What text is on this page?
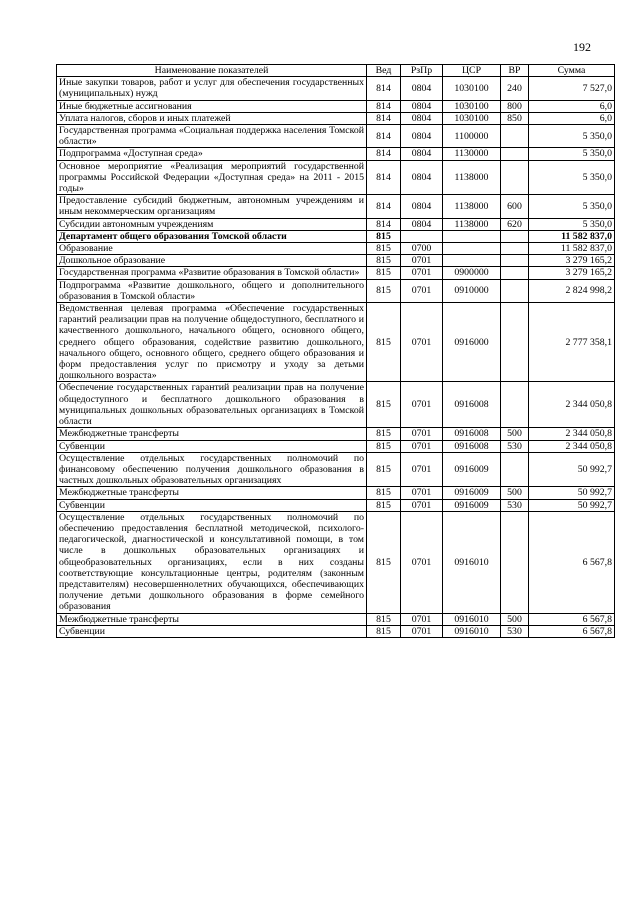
192
Наименование показателей	Вед	РзПр	ЦСР	ВР	Сумма
Иные закупки товаров, работ и услуг для обеспечения государственных (муниципальных) нужд	814	0804	1030100	240	7 527,0
Иные бюджетные ассигнования	814	0804	1030100	800	6,0
Уплата налогов, сборов и иных платежей	814	0804	1030100	850	6,0
Государственная программа «Социальная поддержка населения Томской области»	814	0804	1100000		5 350,0
Подпрограмма «Доступная среда»	814	0804	1130000		5 350,0
Основное мероприятие «Реализация мероприятий государственной программы Российской Федерации «Доступная среда» на 2011 - 2015 годы»	814	0804	1138000		5 350,0
Предоставление субсидий бюджетным, автономным учреждениям и иным некоммерческим организациям	814	0804	1138000	600	5 350,0
Субсидии автономным учреждениям	814	0804	1138000	620	5 350,0
Департамент общего образования Томской области	815				11 582 837,0
Образование	815	0700			11 582 837,0
Дошкольное образование	815	0701			3 279 165,2
Государственная программа «Развитие образования в Томской области»	815	0701	0900000		3 279 165,2
Подпрограмма «Развитие дошкольного, общего и дополнительного образования в Томской области»	815	0701	0910000		2 824 998,2
Ведомственная целевая программа «Обеспечение государственных гарантий реализации прав на получение общедоступного, бесплатного и качественного дошкольного, начального общего, основного общего, среднего общего образования, содействие развитию дошкольного, начального общего, основного общего, среднего общего образования и форм предоставления услуг по присмотру и уходу за детьми дошкольного возраста»	815	0701	0916000		2 777 358,1
Обеспечение государственных гарантий реализации прав на получение общедоступного и бесплатного дошкольного образования в муниципальных дошкольных образовательных организациях в Томской области	815	0701	0916008		2 344 050,8
Межбюджетные трансферты	815	0701	0916008	500	2 344 050,8
Субвенции	815	0701	0916008	530	2 344 050,8
Осуществление отдельных государственных полномочий по финансовому обеспечению получения дошкольного образования в частных дошкольных образовательных организациях	815	0701	0916009		50 992,7
Межбюджетные трансферты	815	0701	0916009	500	50 992,7
Субвенции	815	0701	0916009	530	50 992,7
Осуществление отдельных государственных полномочий по обеспечению предоставления бесплатной методической, психолого-педагогической, диагностической и консультативной помощи, в том числе в дошкольных образовательных организациях и общеобразовательных организациях, если в них созданы соответствующие консультационные центры, родителям (законным представителям) несовершеннолетних обучающихся, обеспечивающих получение детьми дошкольного образования в форме семейного образования	815	0701	0916010		6 567,8
Межбюджетные трансферты	815	0701	0916010	500	6 567,8
Субвенции	815	0701	0916010	530	6 567,8
